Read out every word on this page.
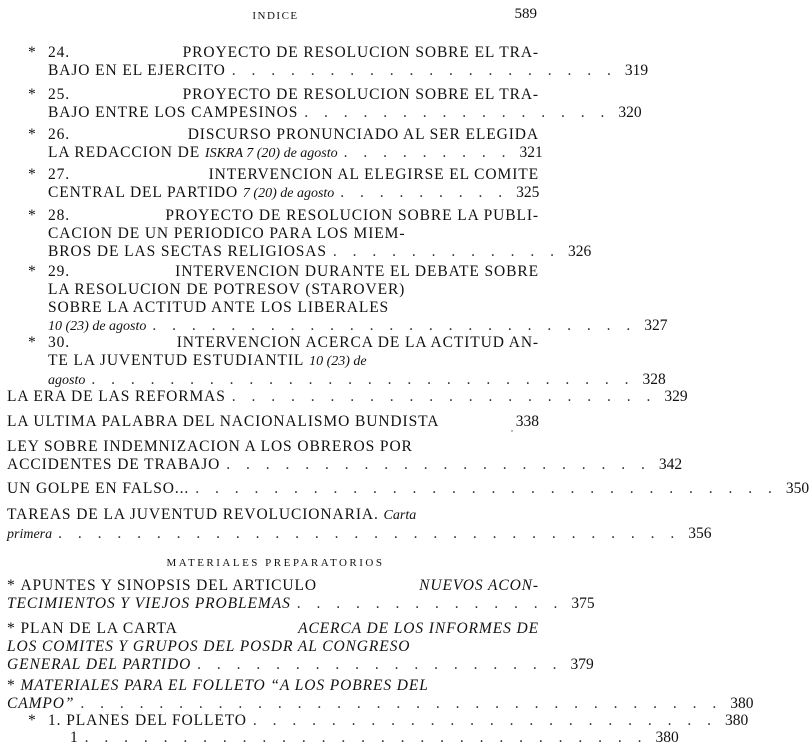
INDICE	589
* 24.
	PROYECTO DE RESOLUCION SOBRE EL TRA-
BAJO EN EL EJERCITO . . . . . . . . . . . . . . . . . . . . 319
* 25.
	PROYECTO DE RESOLUCION SOBRE EL TRA-
BAJO ENTRE LOS CAMPESINOS . . . . . . . . . . . . . . . . 320
* 26.
	DISCURSO PRONUNCIADO AL SER ELEGIDA
LA REDACCION DE
ISKRA 7 (20) de agosto . . . . . . . . . 321
* 27.
	INTERVENCION AL ELEGIRSE EL COMITE
CENTRAL DEL PARTIDO
7 (20) de agosto . . . . . . . . . 325
* 28.
	PROYECTO DE RESOLUCION SOBRE LA PUBLI-
CACION DE UN PERIODICO PARA LOS MIEM-
BROS DE LAS SECTAS RELIGIOSAS . . . . . . . . . . . . 326
* 29.
	INTERVENCION DURANTE EL DEBATE SOBRE
LA RESOLUCION DE POTRESOV (STAROVER)
SOBRE LA ACTITUD ANTE LOS LIBERALES
10 (23) de agosto . . . . . . . . . . . . . . . . . . . . . . . . . 327
* 30.
	INTERVENCION ACERCA DE LA ACTITUD AN-
TE LA JUVENTUD ESTUDIANTIL
10 (23) de
agosto . . . . . . . . . . . . . . . . . . . . . . . . . . . . 328
LA ERA DE LAS REFORMAS . . . . . . . . . . . . . . . . . . . . . . 329
LA ULTIMA PALABRA DEL NACIONALISMO BUNDISTA	338
˙
LEY SOBRE INDEMNIZACION A LOS OBREROS POR
ACCIDENTES DE TRABAJO . . . . . . . . . . . . . . . . . . . . . . 342
UN GOLPE EN FALSO... . . . . . . . . . . . . . . . . . . . . . . . . . . . . . . 350
TAREAS DE LA JUVENTUD REVOLUCIONARIA.
Carta
primera . . . . . . . . . . . . . . . . . . . . . . . . . . . . . . . . 356
MATERIALES PREPARATORIOS
* APUNTES Y SINOPSIS DEL ARTICULO	NUEVOS ACON-
TECIMIENTOS Y VIEJOS PROBLEMAS . . . . . . . . . . . . . . 375
* PLAN DE LA CARTA	ACERCA DE LOS INFORMES DE
LOS COMITES Y GRUPOS DEL POSDR AL CONGRESO
GENERAL DEL PARTIDO . . . . . . . . . . . . . . . . . . . 379
* MATERIALES PARA EL FOLLETO “A LOS POBRES DEL
CAMPO” . . . . . . . . . . . . . . . . . . . . . . . . . . . . . . . . . 380
* 1. PLANES DEL FOLLETO . . . . . . . . . . . . . . . . . . . . . . . . 380
1 . . . . . . . . . . . . . . . . . . . . . . . . . . . . . 380
